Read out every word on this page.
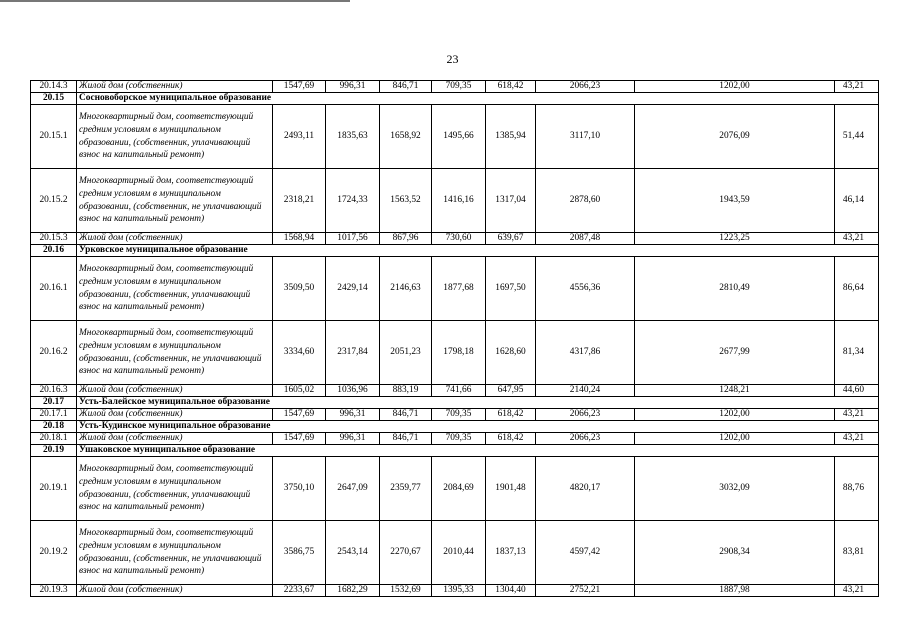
23
20.14.3	Жилой дом (собственник)	1547,69	996,31	846,71	709,35	618,42	2066,23	1202,00	43,21
20.15	Сосновоборское муниципальное образование								
20.15.1	Многоквартирный дом, соответствующий средним условиям в муниципальном образовании, (собственник, уплачивающий взнос на капитальный ремонт)	2493,11	1835,63	1658,92	1495,66	1385,94	3117,10	2076,09	51,44
20.15.2	Многоквартирный дом, соответствующий средним условиям в муниципальном образовании, (собственник, не уплачивающий взнос на капитальный ремонт)	2318,21	1724,33	1563,52	1416,16	1317,04	2878,60	1943,59	46,14
20.15.3	Жилой дом (собственник)	1568,94	1017,56	867,96	730,60	639,67	2087,48	1223,25	43,21
20.16	Урковское муниципальное образование								
20.16.1	Многоквартирный дом, соответствующий средним условиям в муниципальном образовании, (собственник, уплачивающий взнос на капитальный ремонт)	3509,50	2429,14	2146,63	1877,68	1697,50	4556,36	2810,49	86,64
20.16.2	Многоквартирный дом, соответствующий средним условиям в муниципальном образовании, (собственник, не уплачивающий взнос на капитальный ремонт)	3334,60	2317,84	2051,23	1798,18	1628,60	4317,86	2677,99	81,34
20.16.3	Жилой дом (собственник)	1605,02	1036,96	883,19	741,66	647,95	2140,24	1248,21	44,60
20.17	Усть-Балейское муниципальное образование								
20.17.1	Жилой дом (собственник)	1547,69	996,31	846,71	709,35	618,42	2066,23	1202,00	43,21
20.18	Усть-Кудинское муниципальное образование								
20.18.1	Жилой дом (собственник)	1547,69	996,31	846,71	709,35	618,42	2066,23	1202,00	43,21
20.19	Ушаковское муниципальное образование								
20.19.1	Многоквартирный дом, соответствующий средним условиям в муниципальном образовании, (собственник, уплачивающий взнос на капитальный ремонт)	3750,10	2647,09	2359,77	2084,69	1901,48	4820,17	3032,09	88,76
20.19.2	Многоквартирный дом, соответствующий средним условиям в муниципальном образовании, (собственник, не уплачивающий взнос на капитальный ремонт)	3586,75	2543,14	2270,67	2010,44	1837,13	4597,42	2908,34	83,81
20.19.3	Жилой дом (собственник)	2233,67	1682,29	1532,69	1395,33	1304,40	2752,21	1887,98	43,21
